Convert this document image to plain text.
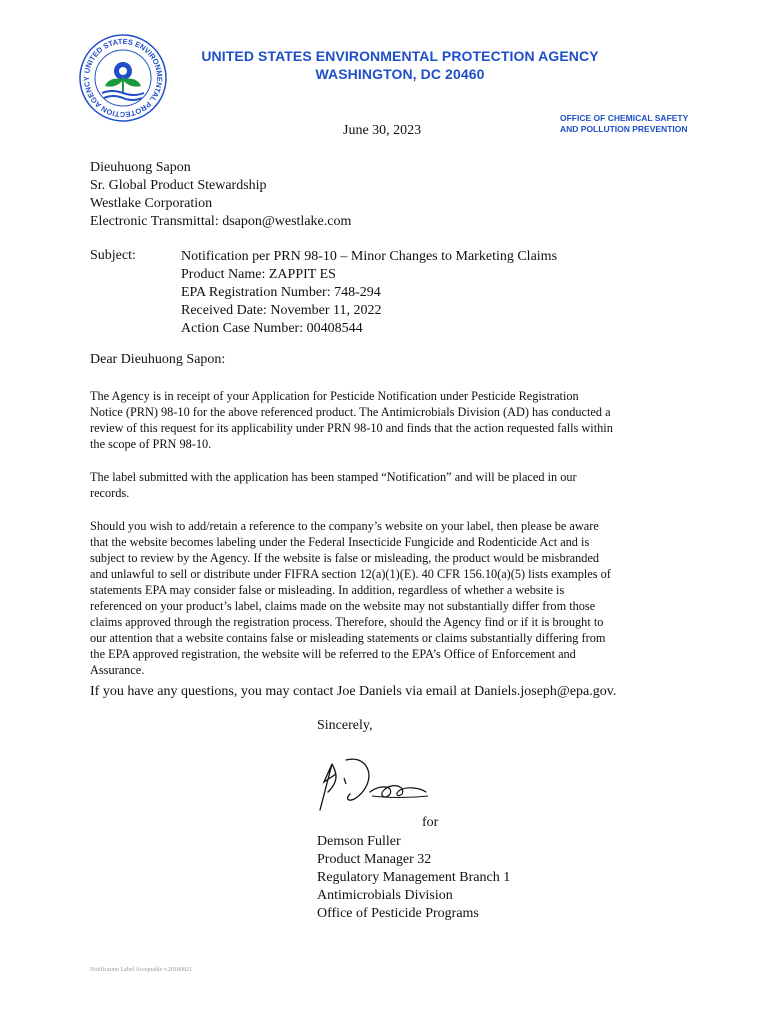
UNITED STATES ENVIRONMENTAL PROTECTION AGENCY
UNITED STATES ENVIRONMENTAL PROTECTION AGENCY
WASHINGTON, DC 20460
OFFICE OF CHEMICAL SAFETY
AND POLLUTION PREVENTION
June 30, 2023
Dieuhuong Sapon
Sr. Global Product Stewardship
Westlake Corporation
Electronic Transmittal: dsapon@westlake.com
Subject:	Notification per PRN 98-10 – Minor Changes to Marketing Claims
Product Name: ZAPPIT ES
EPA Registration Number: 748-294
Received Date: November 11, 2022
Action Case Number: 00408544
Dear Dieuhuong Sapon:
The Agency is in receipt of your Application for Pesticide Notification under Pesticide Registration
Notice (PRN) 98-10 for the above referenced product. The Antimicrobials Division (AD) has conducted a
review of this request for its applicability under PRN 98-10 and finds that the action requested falls within
the scope of PRN 98-10.
The label submitted with the application has been stamped “Notification” and will be placed in our
records.
Should you wish to add/retain a reference to the company’s website on your label, then please be aware
that the website becomes labeling under the Federal Insecticide Fungicide and Rodenticide Act and is
subject to review by the Agency. If the website is false or misleading, the product would be misbranded
and unlawful to sell or distribute under FIFRA section 12(a)(1)(E). 40 CFR 156.10(a)(5) lists examples of
statements EPA may consider false or misleading. In addition, regardless of whether a website is
referenced on your product’s label, claims made on the website may not substantially differ from those
claims approved through the registration process. Therefore, should the Agency find or if it is brought to
our attention that a website contains false or misleading statements or claims substantially differing from
the EPA approved registration, the website will be referred to the EPA’s Office of Enforcement and
Assurance.
If you have any questions, you may contact Joe Daniels via email at Daniels.joseph@epa.gov.
Sincerely,
for
Demson Fuller
Product Manager 32
Regulatory Management Branch 1
Antimicrobials Division
Office of Pesticide Programs
Notification Label Acceptable v.20180821
